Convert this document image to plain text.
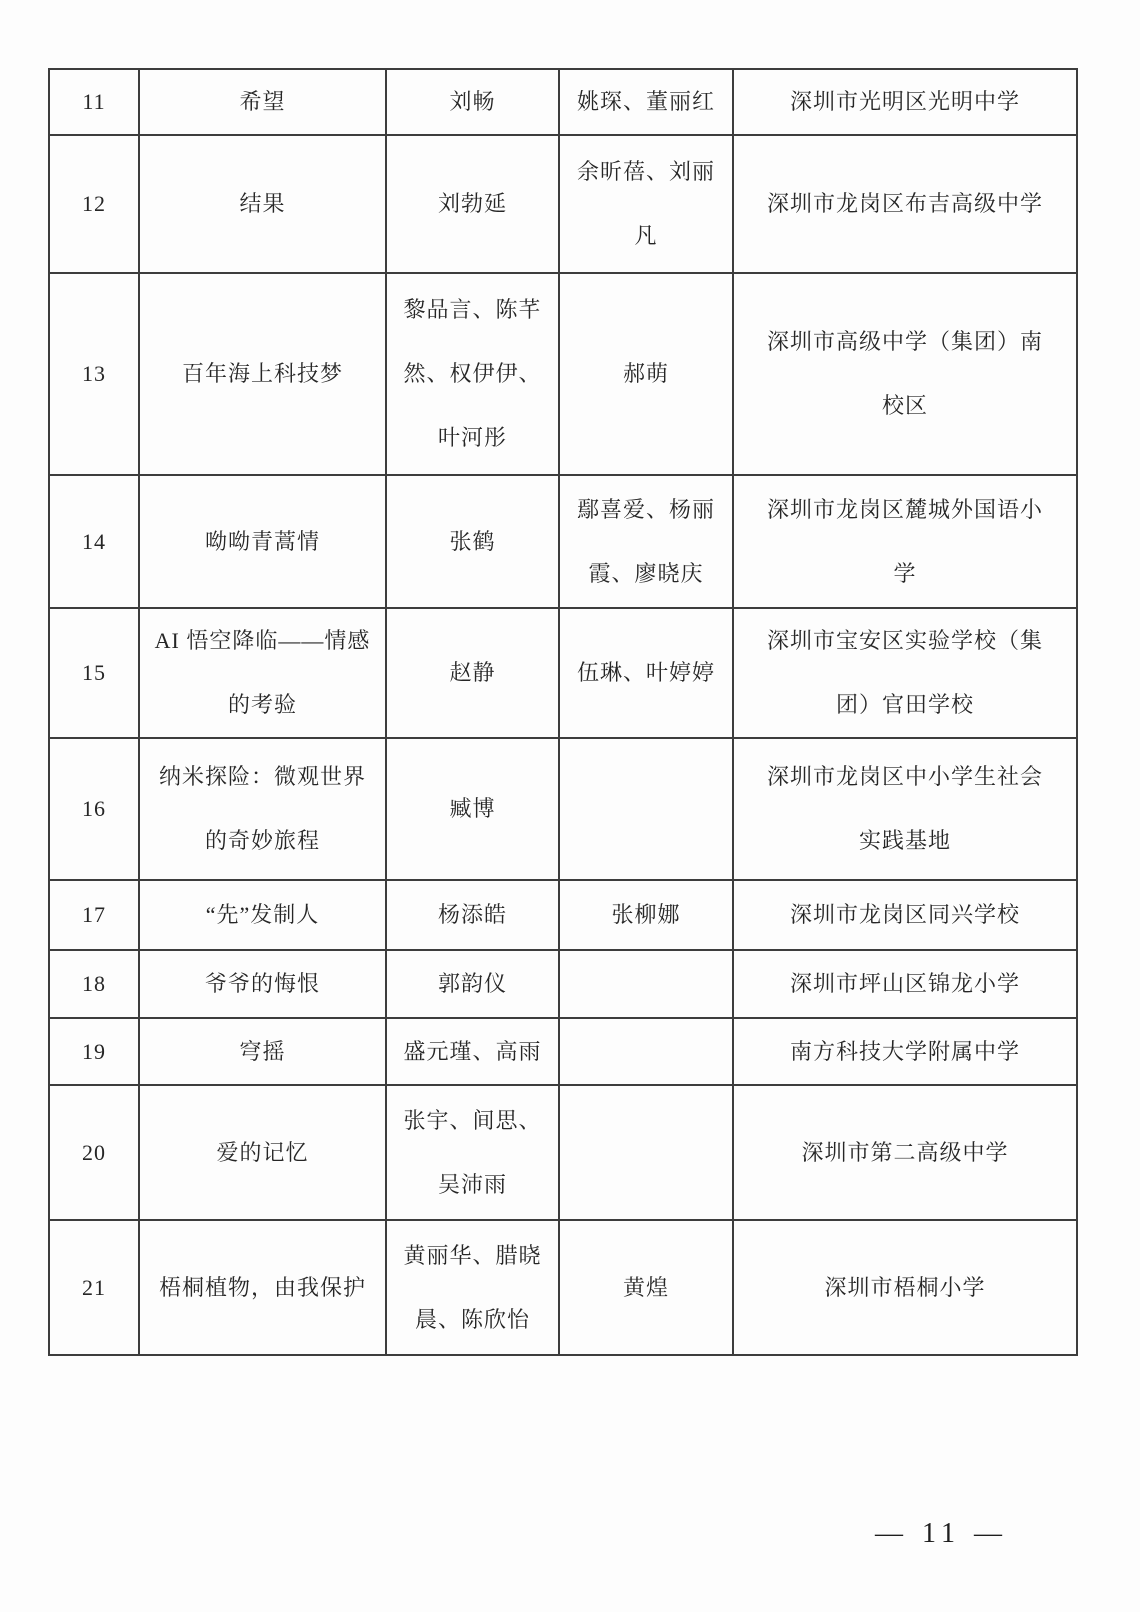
11	希望	刘畅	姚琛、董丽红	深圳市光明区光明中学
12	结果	刘勃延	余昕蓓、刘丽凡	深圳市龙岗区布吉高级中学
13	百年海上科技梦	黎品言、陈芊然、权伊伊、叶河彤	郝萌	深圳市高级中学（集团）南校区
14	呦呦青蒿情	张鹤	鄢喜爱、杨丽霞、廖晓庆	深圳市龙岗区麓城外国语小学
15	AI 悟空降临——情感的考验	赵静	伍琳、叶婷婷	深圳市宝安区实验学校（集团）官田学校
16	纳米探险：微观世界的奇妙旅程	臧博		深圳市龙岗区中小学生社会实践基地
17	“先”发制人	杨添皓	张柳娜	深圳市龙岗区同兴学校
18	爷爷的悔恨	郭韵仪		深圳市坪山区锦龙小学
19	穹摇	盛元瑾、高雨		南方科技大学附属中学
20	爱的记忆	张宇、间思、吴沛雨		深圳市第二高级中学
21	梧桐植物，由我保护	黄丽华、腊晓晨、陈欣怡	黄煌	深圳市梧桐小学
— 11 —
